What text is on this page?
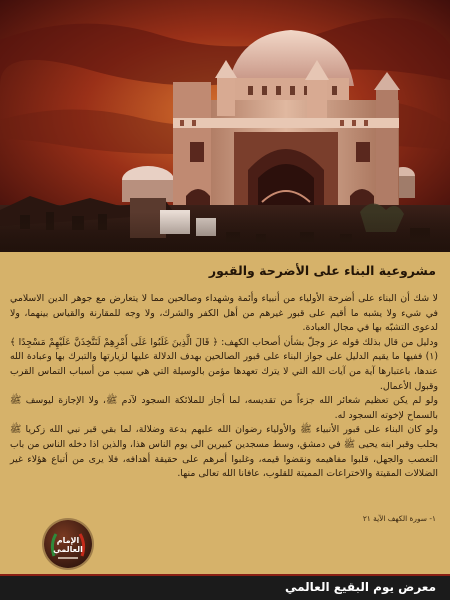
مشروعية البناء على الأضرحة والقبور

لا شك أن البناء على أضرحة الأولياء من أنبياء وأئمة وشهداء وصالحين مما لا يتعارض مع جوهر الدين الاسلامي في شيء ولا يشبه ما أقيم على قبور غيرهم من أهل الكفر والشرك، ولا وجه للمقارنة والقياس بينهما، ولا لدعوى التشبّه بها في مجال العبادة.

ودليل من قال بذلك قوله عز وجلّ بشأن أصحاب الكهف: ﴿ قَالَ الَّذِينَ غَلَبُوا عَلَى أَمْرِهِمْ لَنَتَّخِذَنَّ عَلَيْهِمْ مَسْجِدًا ﴾ (١) ففيها ما يقيم الدليل على جواز البناء على قبور الصالحين بهدف الدلالة عليها لزيارتها والتبرك بها وعبادة الله عندها، باعتبارها آية من آيات الله التي لا يترك تعهدها مؤمن بالوسيلة التي هي سبب من أسباب التماس القرب وقبول الأعمال.

ولو لم يكن تعظيم شعائر الله جزءاً من تقديسه، لما أجاز للملائكة السجود لآدم ﷺ، ولا الإجازة ليوسف ﷺ بالسماح لإخوته السجود له.

ولو كان البناء على قبور الأنبياء ﷺ والأولياء رضوان الله عليهم بدعة وضلالة، لما بقي قبر نبي الله زكريا ﷺ بحلب وقبر ابنه يحيى ﷺ في دمشق، وسط مسجدين كبيرين الى يوم الناس هذا، والذين اذا دخله الناس من باب التعصب والجهل، قلبوا مفاهيمه ونقضوا قيمه، وغلبوا أمرهم على حقيقة أهدافه، فلا يرى من أتباع هؤلاء غير الضلالات المقيتة والاختراعات المميتة للقلوب، عافانا الله تعالى منها.

١- سورة الكهف الآية ٢١
الإمام العالمي
معرض يوم البقيع العالمي
